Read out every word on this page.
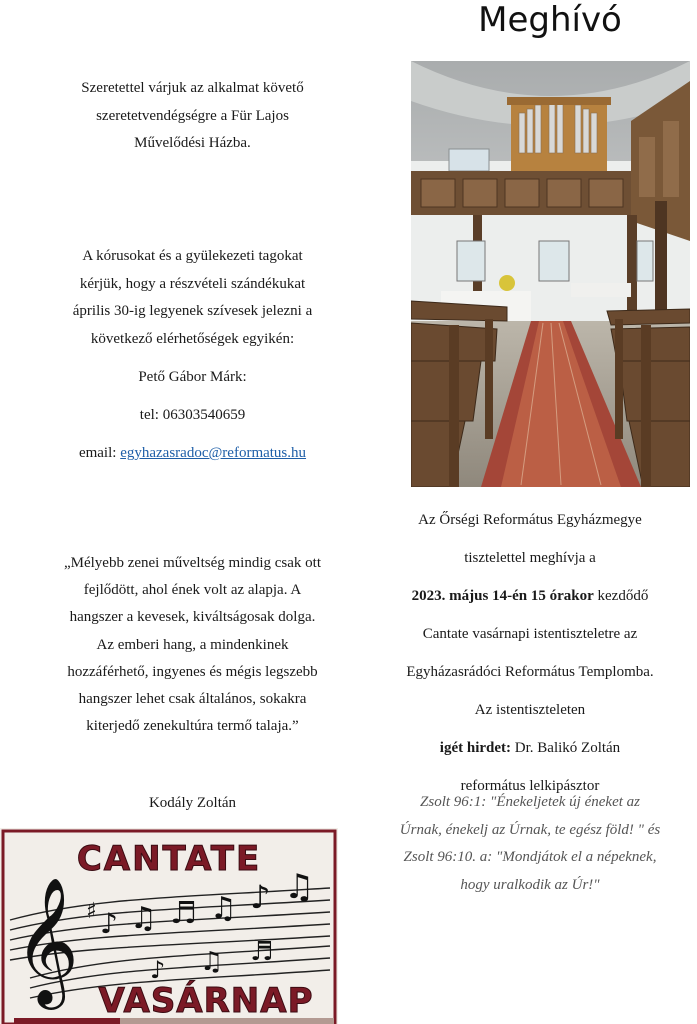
Meghívó

Szeretettel várjuk az alkalmat követő

szeretetvendégségre a Für Lajos

Művelődési Házba.

A kórusokat és a gyülekezeti tagokat

kérjük, hogy a részvételi szándékukat

április 30-ig legyenek szívesek jelezni a

következő elérhetőségek egyikén:

Pető Gábor Márk:

tel: 06303540659

email: egyhazasradoc@reformatus.hu

„Mélyebb zenei műveltség mindig csak ott

fejlődött, ahol ének volt az alapja. A

hangszer a kevesek, kiváltságosak dolga.

Az emberi hang, a mindenkinek

hozzáférhető, ingyenes és mégis legszebb

hangszer lehet csak általános, sokakra

kiterjedő zenekultúra termő talaja.”

Kodály Zoltán

Az Őrségi Református Egyházmegye

tisztelettel meghívja a

2023. május 14-én 15 órakor kezdődő

Cantate vasárnapi istentiszteletre az

Egyházasrádóci Református Templomba.

Az istentiszteleten

igét hirdet: Dr. Balikó Zoltán

református lelkipásztor

Zsolt 96:1: "Énekeljetek új éneket az

Úrnak, énekelj az Úrnak, te egész föld! " és

Zsolt 96:10. a: "Mondjátok el a népeknek,

hogy uralkodik az Úr!"

𝄞 ♪ ♫ ♬ ♫ ♪ ♫
♪ ♫ ♬
♯
CANTATE
VASÁRNAP
